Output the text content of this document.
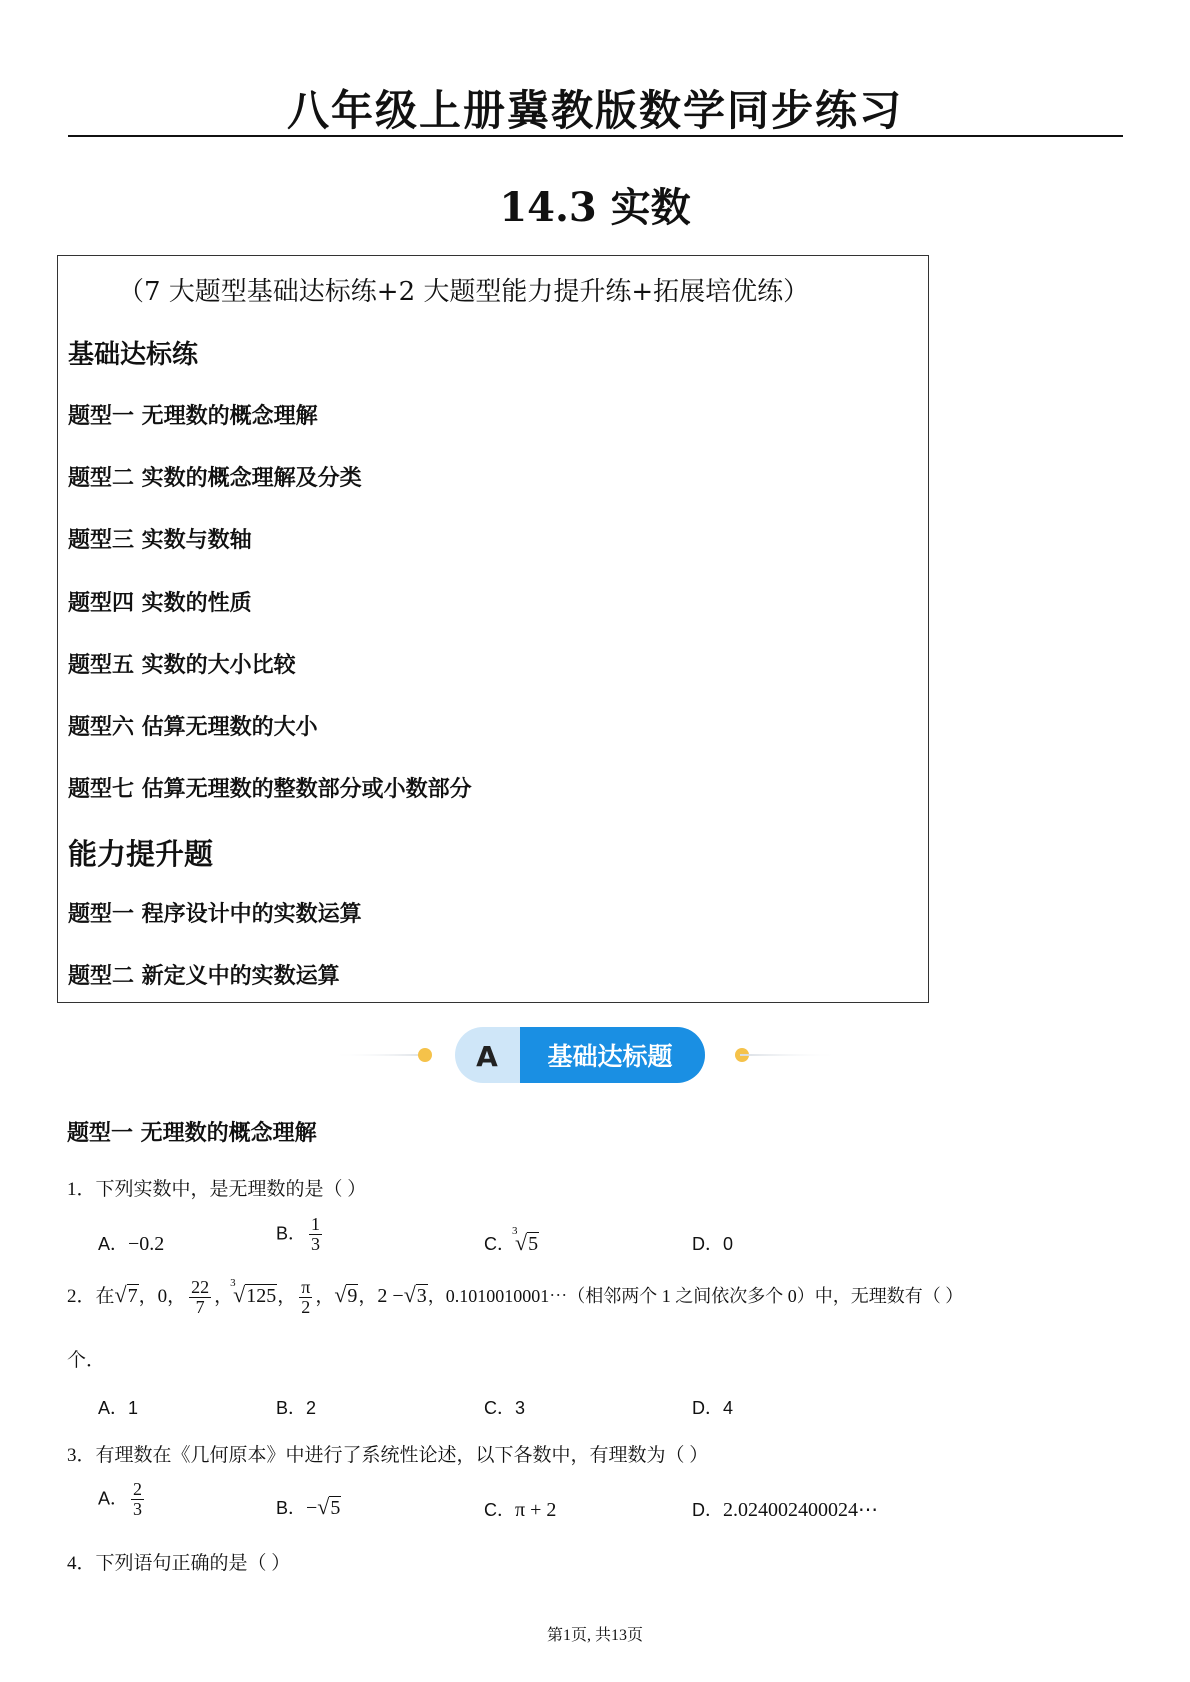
八年级上册冀教版数学同步练习
14.3 实数
（7 大题型基础达标练+2 大题型能力提升练+拓展培优练）
基础达标练
题型一 无理数的概念理解
题型二 实数的概念理解及分类
题型三 实数与数轴
题型四 实数的性质
题型五 实数的大小比较
题型六 估算无理数的大小
题型七 估算无理数的整数部分或小数部分
能力提升题
题型一 程序设计中的实数运算
题型二 新定义中的实数运算
A 基础达标题
题型一 无理数的概念理解
1．下列实数中，是无理数的是（ ）
A．−0.2	B． $\frac{1}{3}$	C．
3
√5	D．0
2．在√7，0， $\frac{22}{7}$ ，
3
√125， $\frac{\pi}{2}$ ，√9，2 −√3，0.1010010001⋯（相邻两个 1 之间依次多个 0）中，无理数有（ ）
个．
A．1	B．2	C．3	D．4
3．有理数在《几何原本》中进行了系统性论述，以下各数中，有理数为（ ）
A． $\frac{2}{3}$	B．−√5	C．π + 2	D．2.024002400024⋯
4．下列语句正确的是（ ）
第1页, 共13页
